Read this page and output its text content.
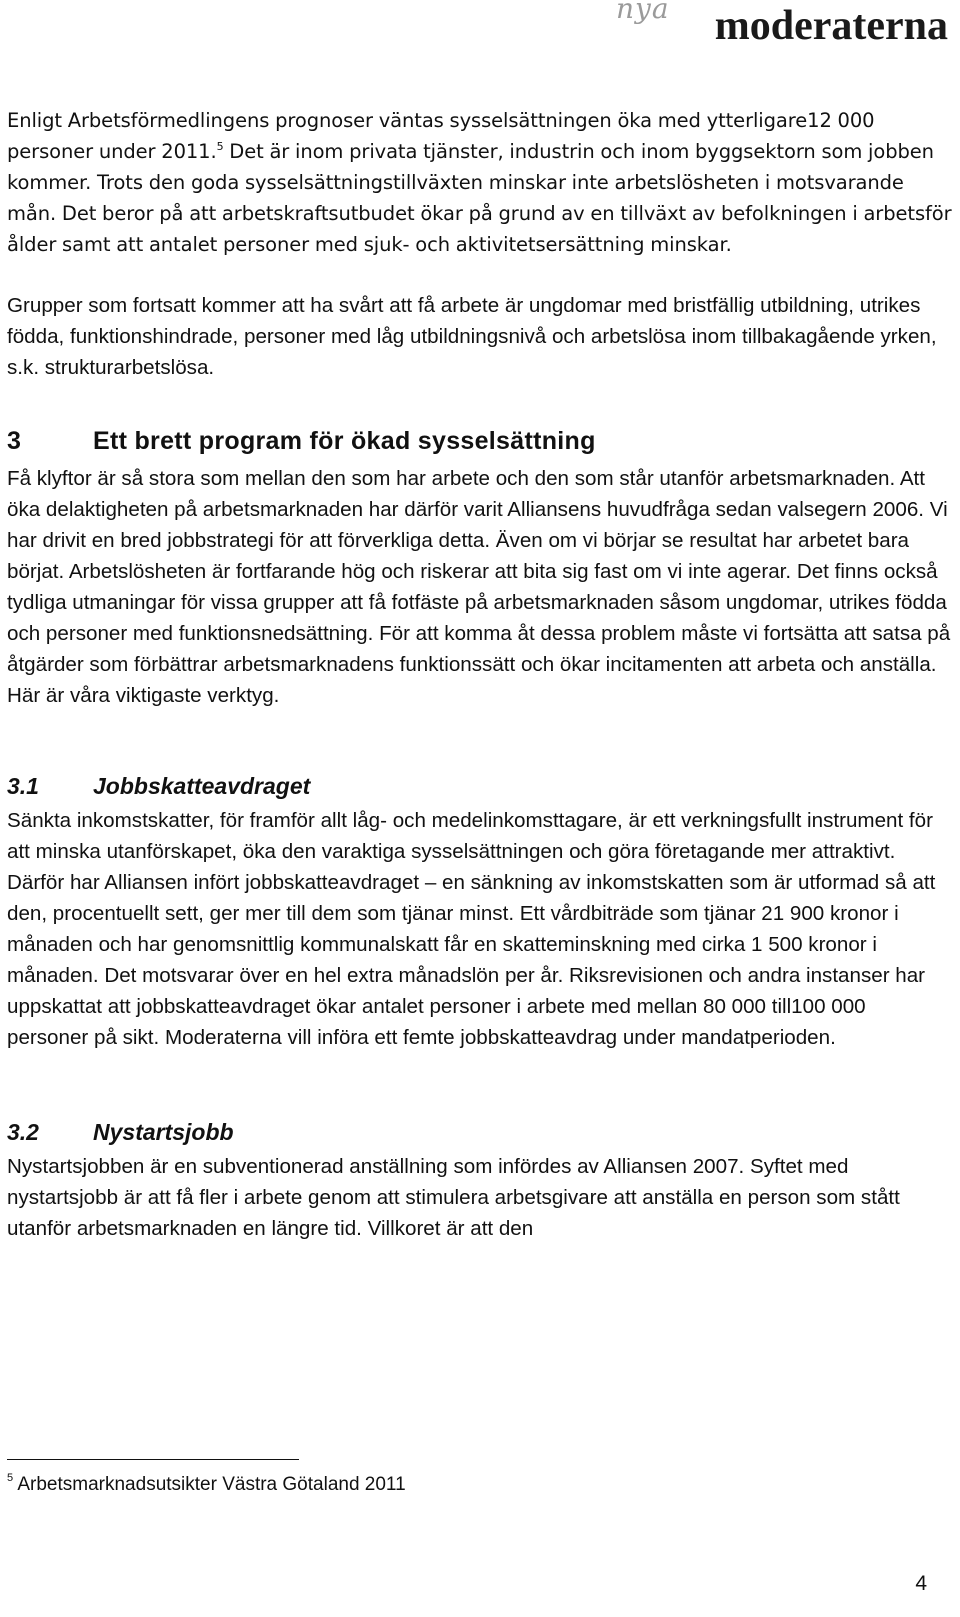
nya moderaterna

Enligt Arbetsförmedlingens prognoser väntas sysselsättningen öka med ytterligare12 000 personer under 2011.$^5$ Det är inom privata tjänster, industrin och inom byggsektorn som jobben kommer. Trots den goda sysselsättningstillväxten minskar inte arbetslösheten i motsvarande mån. Det beror på att arbetskraftsutbudet ökar på grund av en tillväxt av befolkningen i arbetsför ålder samt att antalet personer med sjuk- och aktivitetsersättning minskar.

Grupper som fortsatt kommer att ha svårt att få arbete är ungdomar med bristfällig utbildning, utrikes födda, funktionshindrade, personer med låg utbildningsnivå och arbetslösa inom tillbakagående yrken, s.k. strukturarbetslösa.

3	Ett brett program för ökad sysselsättning

Få klyftor är så stora som mellan den som har arbete och den som står utanför arbetsmarknaden. Att öka delaktigheten på arbetsmarknaden har därför varit Alliansens huvudfråga sedan valsegern 2006. Vi har drivit en bred jobbstrategi för att förverkliga detta. Även om vi börjar se resultat har arbetet bara börjat. Arbetslösheten är fortfarande hög och riskerar att bita sig fast om vi inte agerar. Det finns också tydliga utmaningar för vissa grupper att få fotfäste på arbetsmarknaden såsom ungdomar, utrikes födda och personer med funktionsnedsättning. För att komma åt dessa problem måste vi fortsätta att satsa på åtgärder som förbättrar arbetsmarknadens funktionssätt och ökar incitamenten att arbeta och anställa. Här är våra viktigaste verktyg.

3.1 Jobbskatteavdraget

Sänkta inkomstskatter, för framför allt låg- och medelinkomsttagare, är ett verkningsfullt instrument för att minska utanförskapet, öka den varaktiga sysselsättningen och göra företagande mer attraktivt. Därför har Alliansen infört jobbskatteavdraget – en sänkning av inkomstskatten som är utformad så att den, procentuellt sett, ger mer till dem som tjänar minst. Ett vårdbiträde som tjänar 21 900 kronor i månaden och har genomsnittlig kommunalskatt får en skatteminskning med cirka 1 500 kronor i månaden. Det motsvarar över en hel extra månadslön per år. Riksrevisionen och andra instanser har uppskattat att jobbskatteavdraget ökar antalet personer i arbete med mellan 80 000 till100 000 personer på sikt. Moderaterna vill införa ett femte jobbskatteavdrag under mandatperioden.

3.2 Nystartsjobb

Nystartsjobben är en subventionerad anställning som infördes av Alliansen 2007. Syftet med nystartsjobb är att få fler i arbete genom att stimulera arbetsgivare att anställa en person som stått utanför arbetsmarknaden en längre tid. Villkoret är att den

$^5$ Arbetsmarknadsutsikter Västra Götaland 2011
4
